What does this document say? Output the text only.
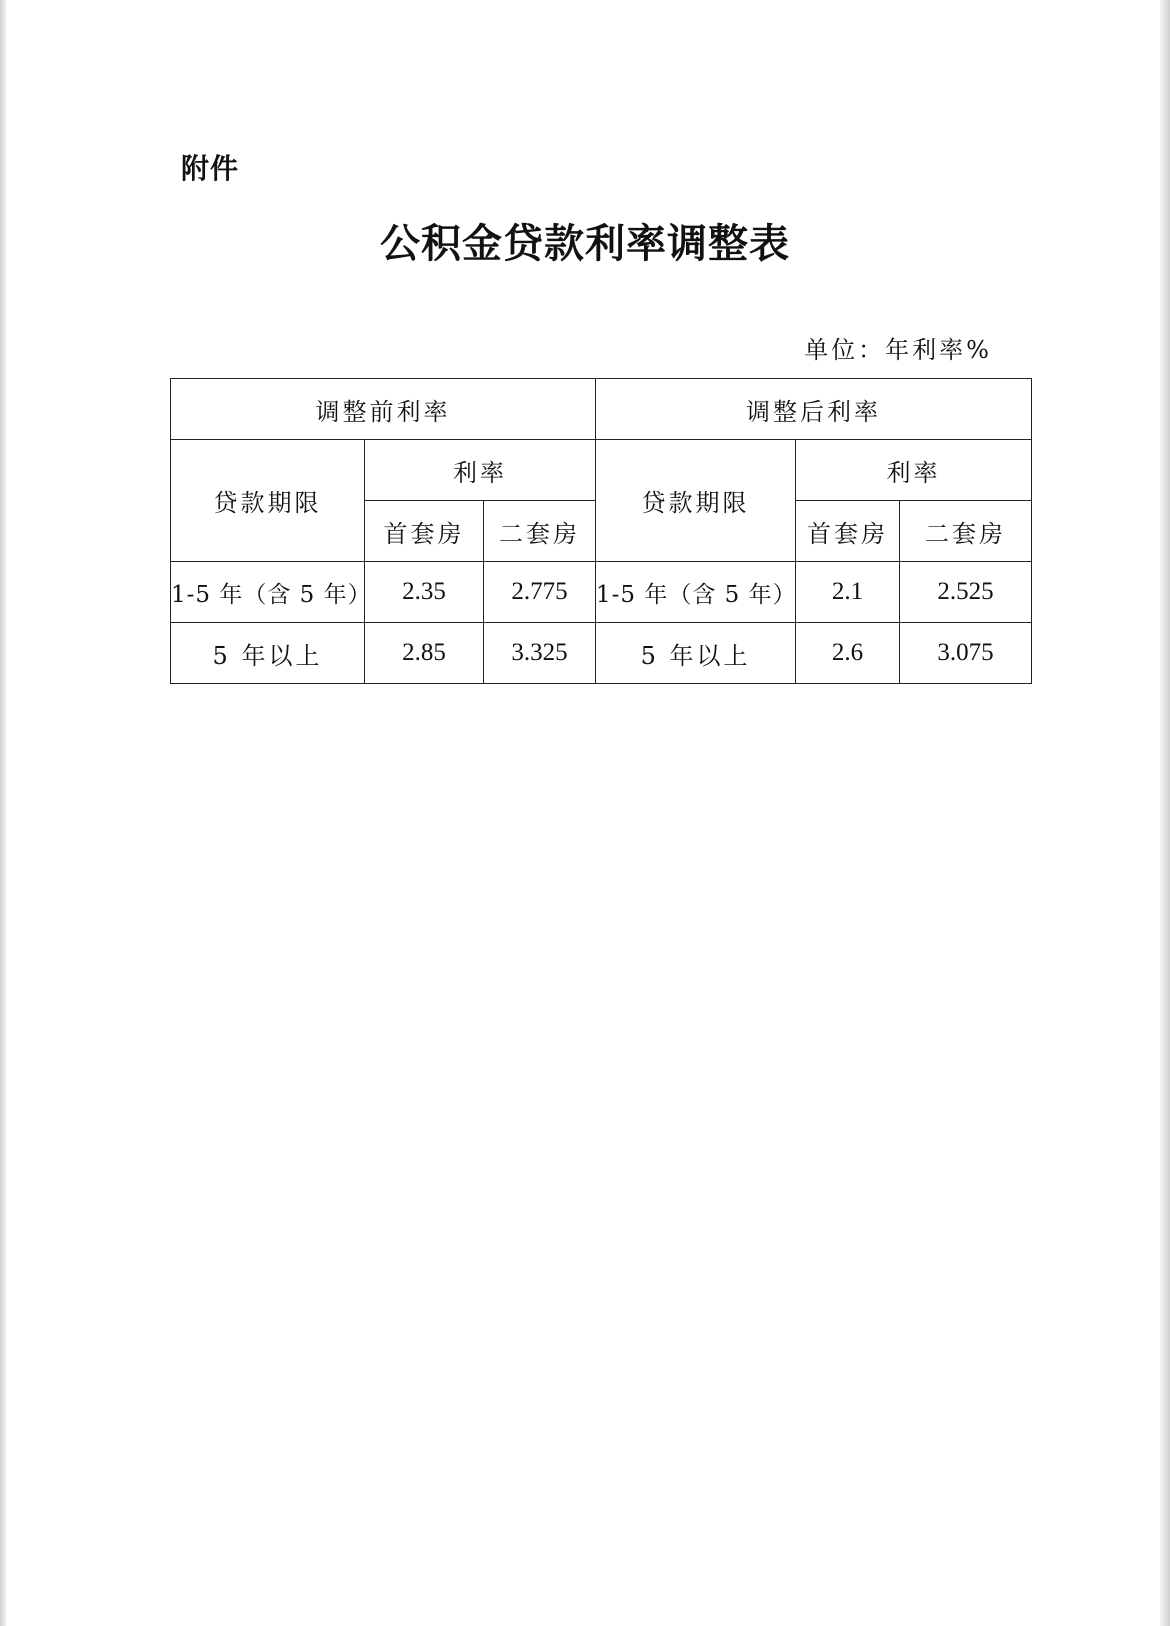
附件
公积金贷款利率调整表
单位：年利率%
调整前利率			调整后利率		
贷款期限	利率		贷款期限	利率	
	首套房	二套房		首套房	二套房
1-5 年（含 5 年）	2.35	2.775	1-5 年（含 5 年）	2.1	2.525
5 年以上	2.85	3.325	5 年以上	2.6	3.075
